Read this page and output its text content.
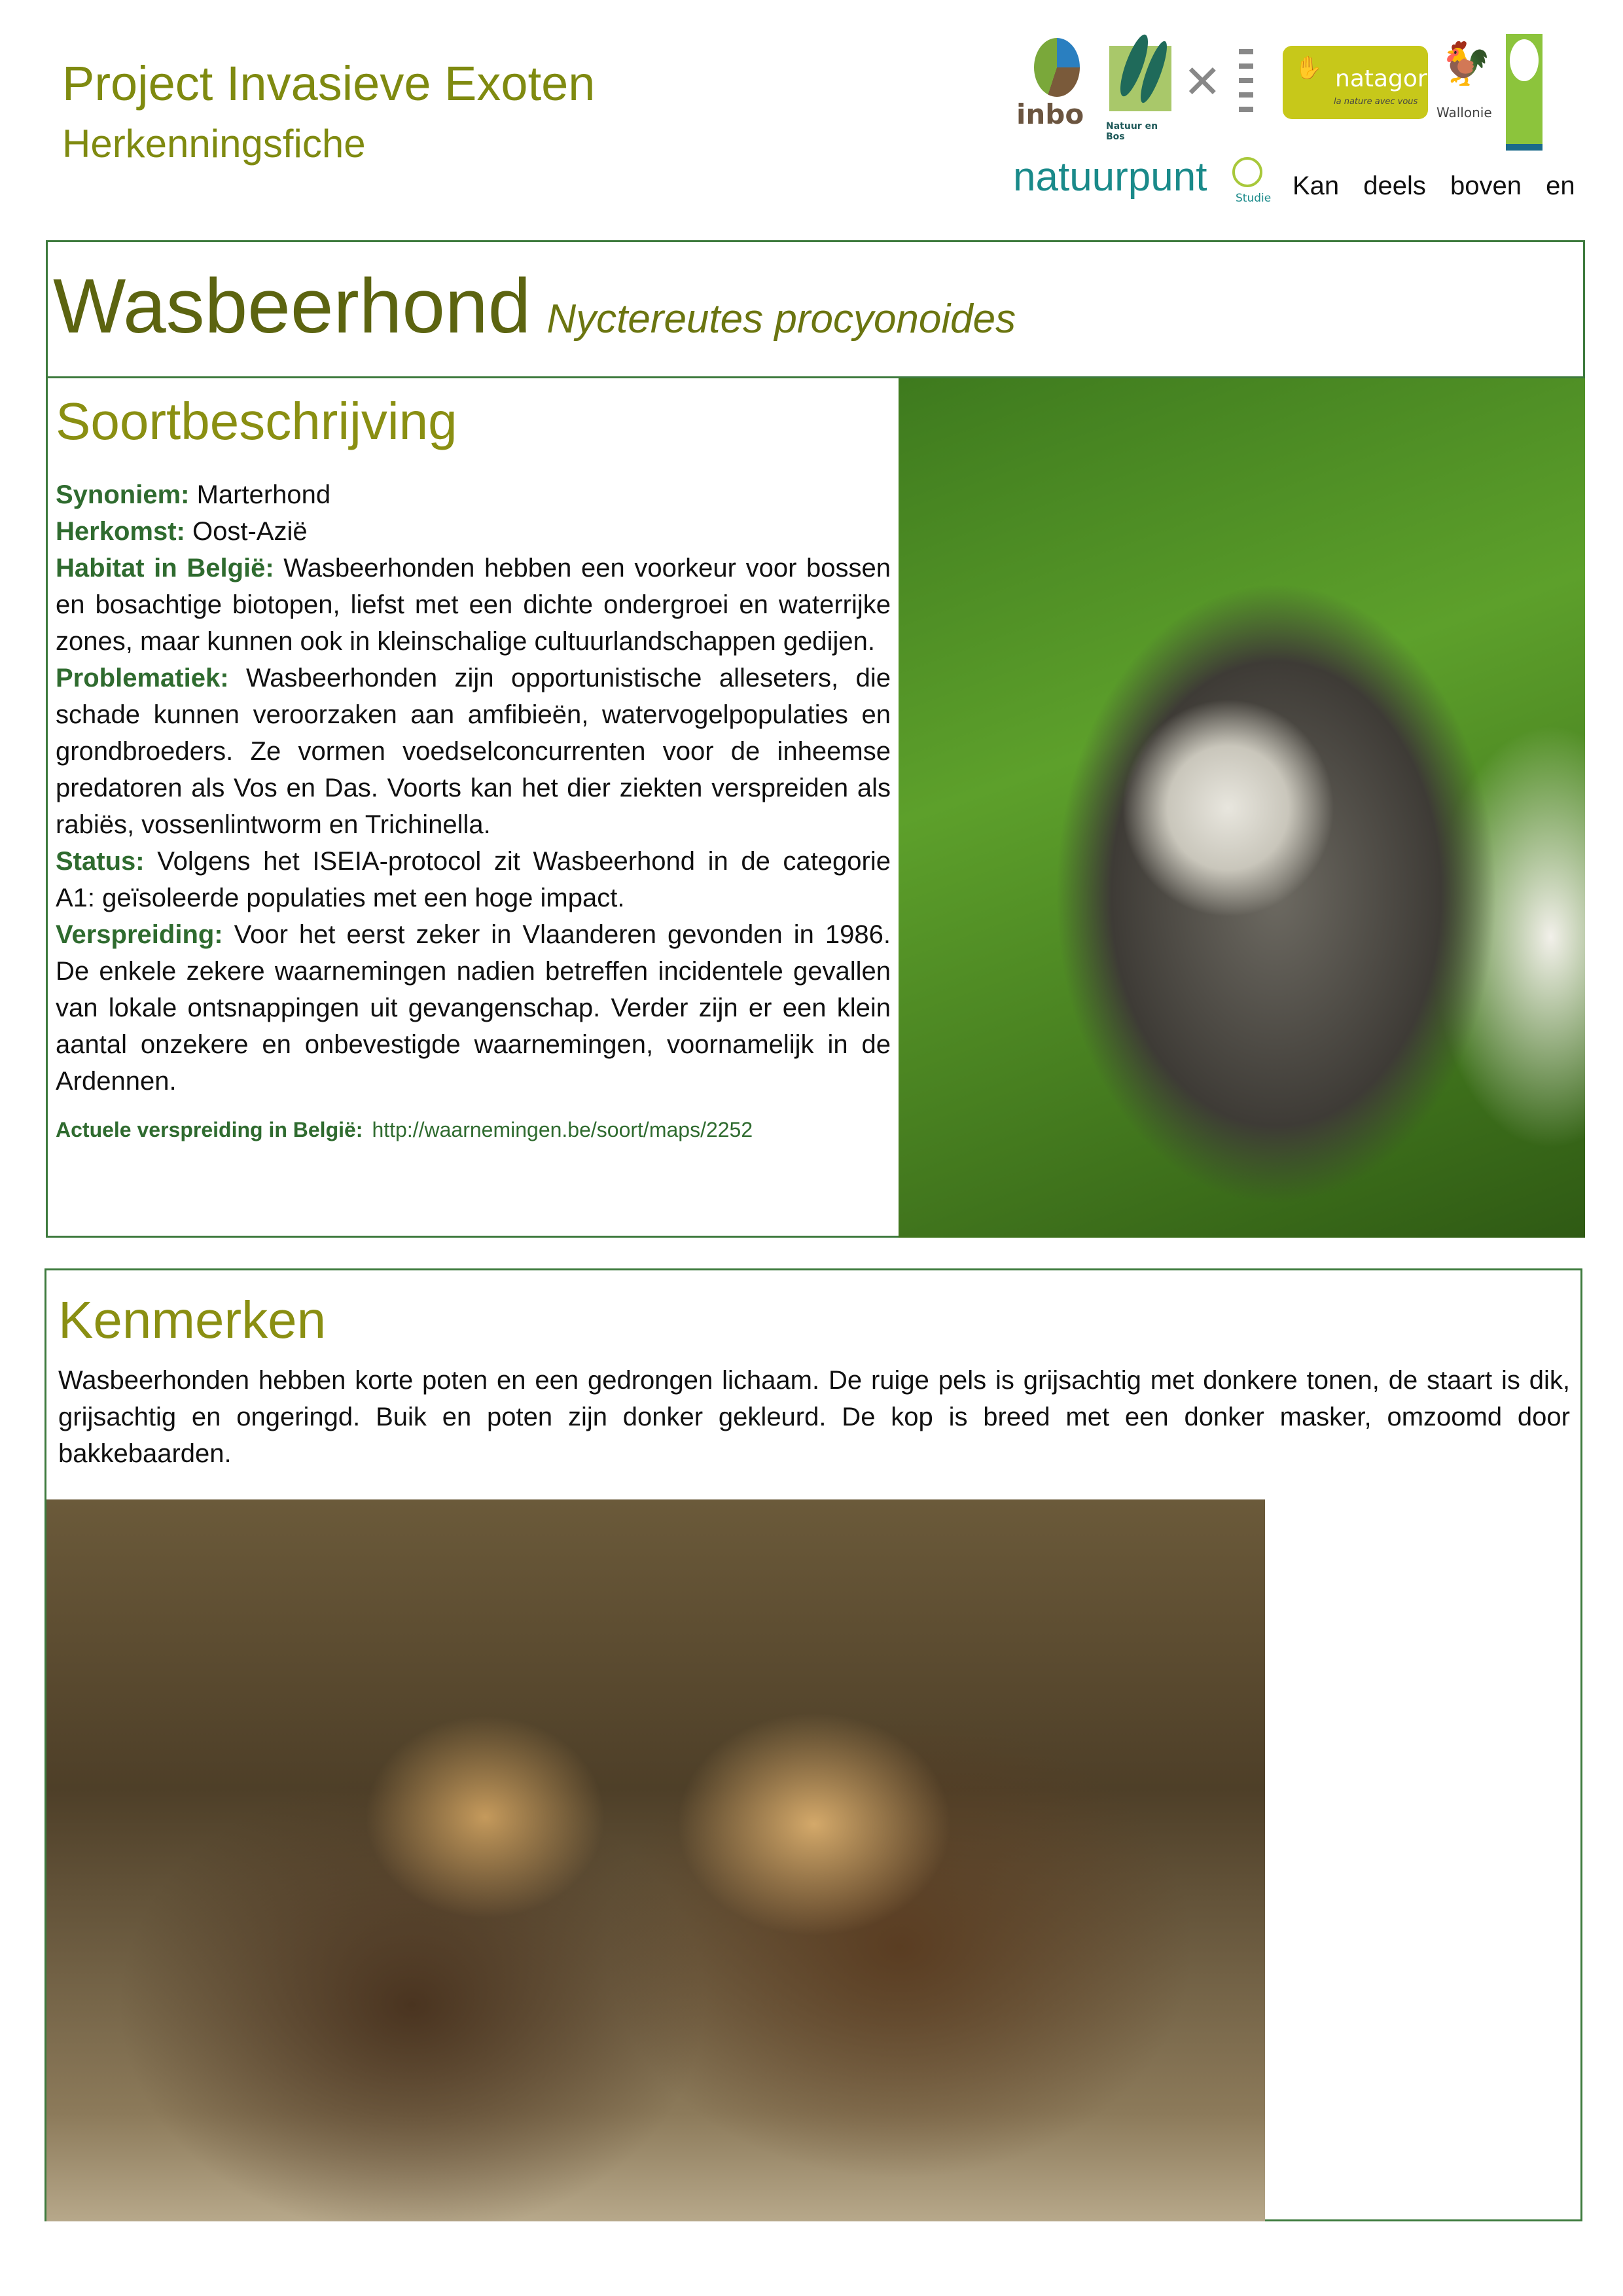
Project Invasieve Exoten
Herkenningsfiche
inbo Natuur en Bos
✕	✋ natagora
la nature avec vous
🐓
Wallonie
natuurpunt	Studie Kan deels boven en
Wasbeerhond Nyctereutes procyonoides
Soortbeschrijving
Synoniem: Marterhond
Herkomst: Oost-Azië
Habitat in België: Wasbeerhonden hebben een voorkeur voor bossen en bosachtige biotopen, liefst met een dichte ondergroei en waterrijke zones, maar kunnen ook in kleinschalige cultuurlandschappen gedijen.
Problematiek: Wasbeerhonden zijn opportunistische alleseters, die schade kunnen veroorzaken aan amfibieën, watervogelpopulaties en grondbroeders. Ze vormen voedselconcurrenten voor de inheemse predatoren als Vos en Das. Voorts kan het dier ziekten verspreiden als rabiës, vossenlintworm en Trichinella.
Status: Volgens het ISEIA-protocol zit Wasbeerhond in de categorie A1: geïsoleerde populaties met een hoge impact.
Verspreiding: Voor het eerst zeker in Vlaanderen gevonden in 1986. De enkele zekere waarnemingen nadien betreffen incidentele gevallen van lokale ontsnappingen uit gevangenschap. Verder zijn er een klein aantal onzekere en onbevestigde waarnemingen, voornamelijk in de Ardennen.
Actuele verspreiding in België: http://waarnemingen.be/soort/maps/2252
Kenmerken
Wasbeerhonden hebben korte poten en een gedrongen lichaam. De ruige pels is grijsachtig met donkere tonen, de staart is dik, grijsachtig en ongeringd. Buik en poten zijn donker gekleurd. De kop is breed met een donker masker, omzoomd door bakkebaarden.
